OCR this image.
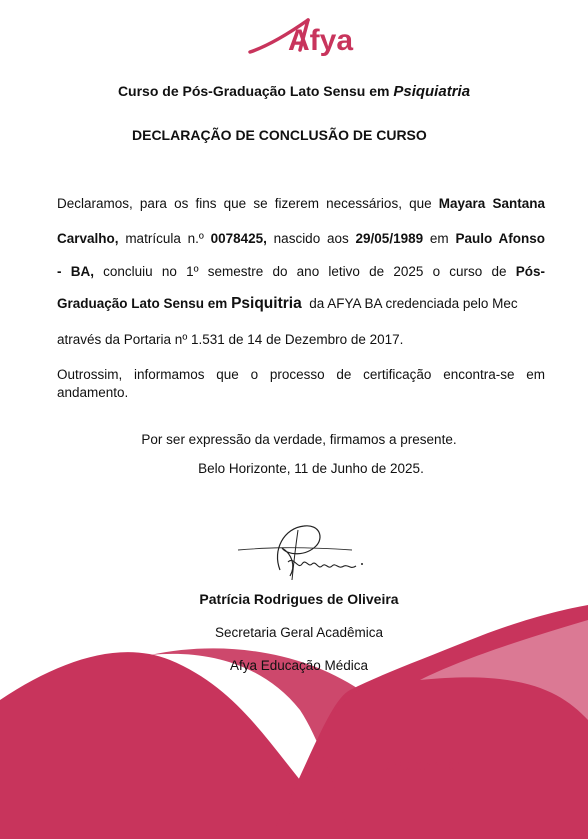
Afya
Curso de Pós-Graduação Lato Sensu em Psiquiatria
DECLARAÇÃO DE CONCLUSÃO DE CURSO
Declaramos, para os fins que se fizerem necessários, que Mayara Santana
Carvalho, matrícula n.º 0078425, nascido aos 29/05/1989 em Paulo Afonso
- BA, concluiu no 1º semestre do ano letivo de 2025 o curso de Pós-
Graduação Lato Sensu em Psiquitria da AFYA BA credenciada pelo Mec
através da Portaria nº 1.531 de 14 de Dezembro de 2017.
Outrossim, informamos que o processo de certificação encontra-se em
andamento.
Por ser expressão da verdade, firmamos a presente.
Belo Horizonte, 11 de Junho de 2025.
Patrícia Rodrigues de Oliveira
Secretaria Geral Acadêmica
Afya Educação Médica
afya.com.br
